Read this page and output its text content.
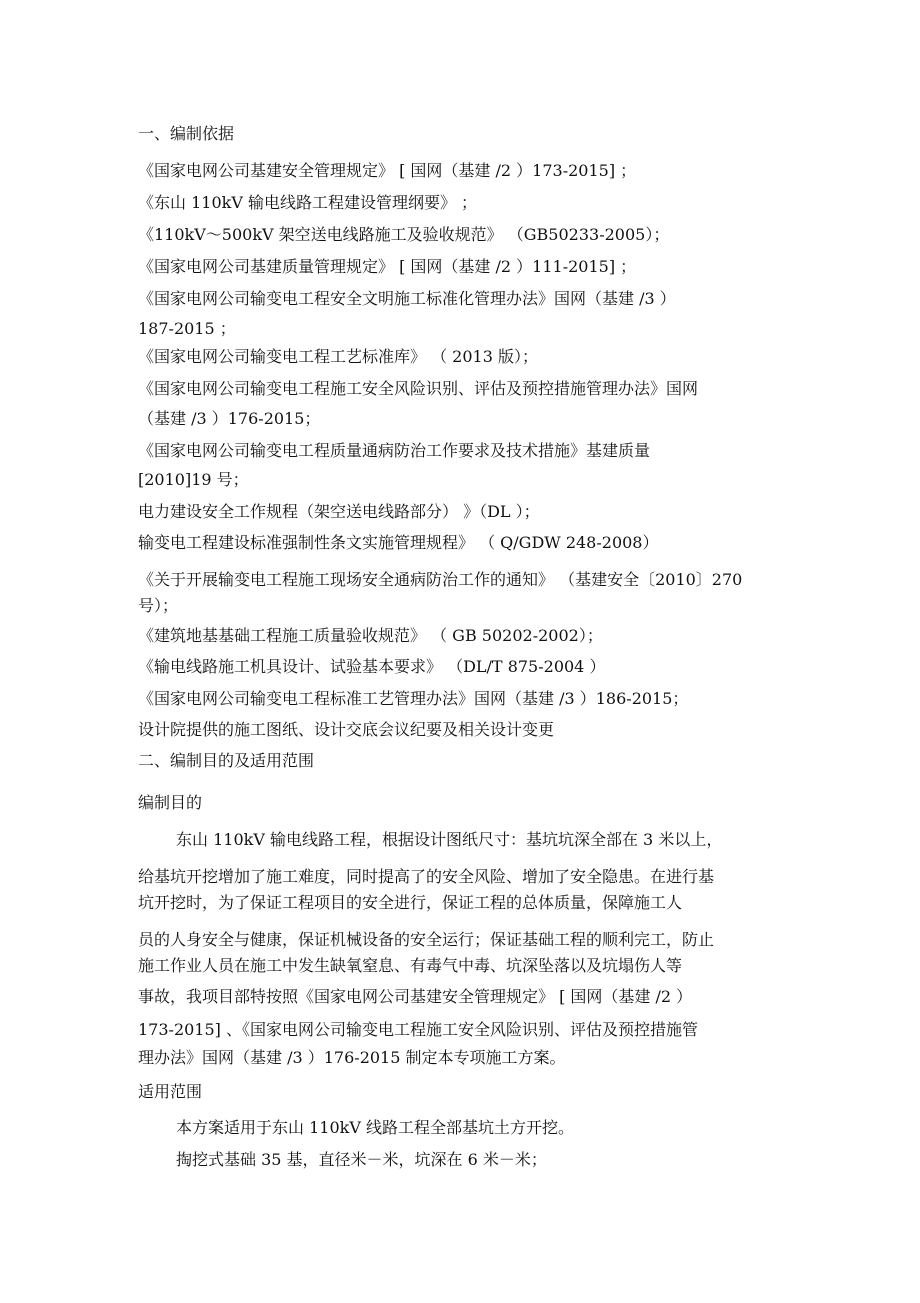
一、编制依据
《国家电网公司基建安全管理规定》 [ 国网（基建 /2 ）173-2015] ；
《东山 110kV 输电线路工程建设管理纲要》 ；
《110kV～500kV 架空送电线路施工及验收规范》 （GB50233-2005）；
《国家电网公司基建质量管理规定》 [ 国网（基建 /2 ）111-2015] ；
《国家电网公司输变电工程安全文明施工标准化管理办法》国网（基建 /3 ）
187-2015 ；
《国家电网公司输变电工程工艺标准库》 （ 2013 版）；
《国家电网公司输变电工程施工安全风险识别、评估及预控措施管理办法》国网
（基建 /3 ）176-2015；
《国家电网公司输变电工程质量通病防治工作要求及技术措施》基建质量
[2010]19 号；
电力建设安全工作规程（架空送电线路部分） 》（DL ）；
输变电工程建设标准强制性条文实施管理规程》 （ Q/GDW 248-2008）
《关于开展输变电工程施工现场安全通病防治工作的通知》 （基建安全〔2010〕270
号）；
《建筑地基基础工程施工质量验收规范》 （ GB 50202-2002）；
《输电线路施工机具设计、试验基本要求》 （DL/T 875-2004 ）
《国家电网公司输变电工程标准工艺管理办法》国网（基建 /3 ）186-2015；
设计院提供的施工图纸、设计交底会议纪要及相关设计变更
二、编制目的及适用范围
编制目的
东山 110kV 输电线路工程，根据设计图纸尺寸：基坑坑深全部在 3 米以上，
给基坑开挖增加了施工难度，同时提高了的安全风险、增加了安全隐患。在进行基
坑开挖时，为了保证工程项目的安全进行，保证工程的总体质量，保障施工人
员的人身安全与健康，保证机械设备的安全运行；保证基础工程的顺利完工，防止
施工作业人员在施工中发生缺氧窒息、有毒气中毒、坑深坠落以及坑塌伤人等
事故，我项目部特按照《国家电网公司基建安全管理规定》 [ 国网（基建 /2 ）
173-2015] 、《国家电网公司输变电工程施工安全风险识别、评估及预控措施管
理办法》国网（基建 /3 ）176-2015 制定本专项施工方案。
适用范围
本方案适用于东山 110kV 线路工程全部基坑土方开挖。
掏挖式基础 35 基，直径米－米，坑深在 6 米－米；
